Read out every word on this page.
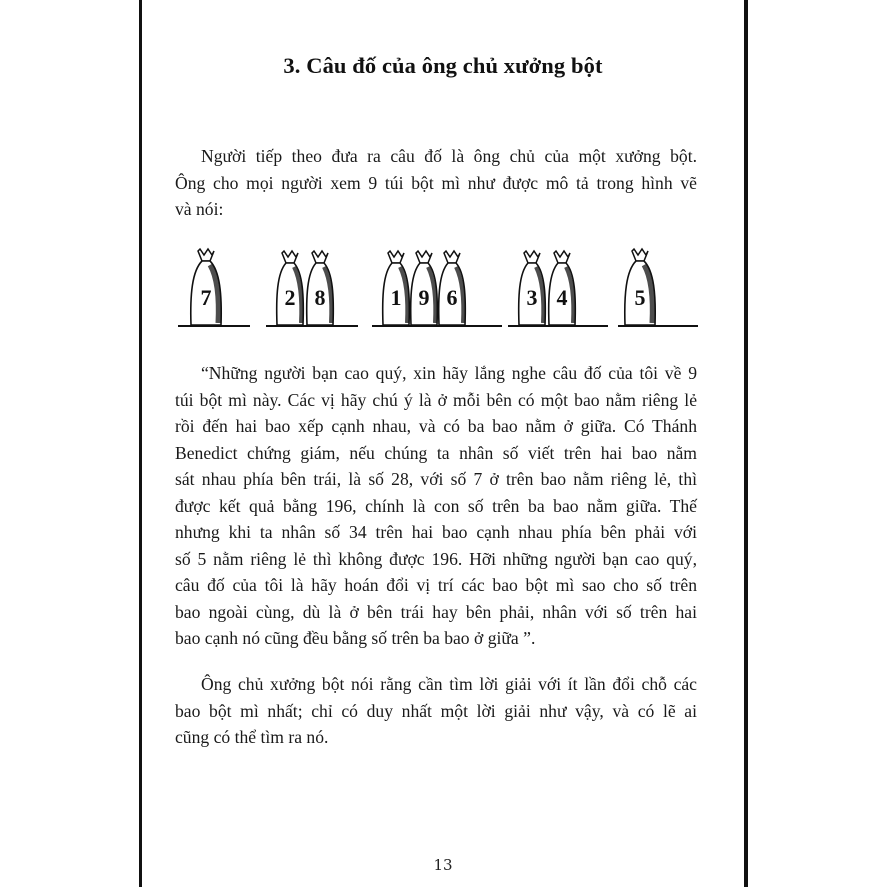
3. Câu đố của ông chủ xưởng bột
Người tiếp theo đưa ra câu đố là ông chủ của một xưởng bột.
Ông cho mọi người xem 9 túi bột mì như được mô tả trong hình vẽ
và nói:
7	2 8	1 9 6	3 4	5
“Những người bạn cao quý, xin hãy lắng nghe câu đố của tôi về 9
túi bột mì này. Các vị hãy chú ý là ở mỗi bên có một bao nằm riêng lẻ
rồi đến hai bao xếp cạnh nhau, và có ba bao nằm ở giữa. Có Thánh
Benedict chứng giám, nếu chúng ta nhân số viết trên hai bao nằm
sát nhau phía bên trái, là số 28, với số 7 ở trên bao nằm riêng lẻ, thì
được kết quả bằng 196, chính là con số trên ba bao nằm giữa. Thế
nhưng khi ta nhân số 34 trên hai bao cạnh nhau phía bên phải với
số 5 nằm riêng lẻ thì không được 196. Hỡi những người bạn cao quý,
câu đố của tôi là hãy hoán đổi vị trí các bao bột mì sao cho số trên
bao ngoài cùng, dù là ở bên trái hay bên phải, nhân với số trên hai
bao cạnh nó cũng đều bằng số trên ba bao ở giữa ”.
Ông chủ xưởng bột nói rằng cần tìm lời giải với ít lần đổi chỗ các
bao bột mì nhất; chỉ có duy nhất một lời giải như vậy, và có lẽ ai
cũng có thể tìm ra nó.
13
